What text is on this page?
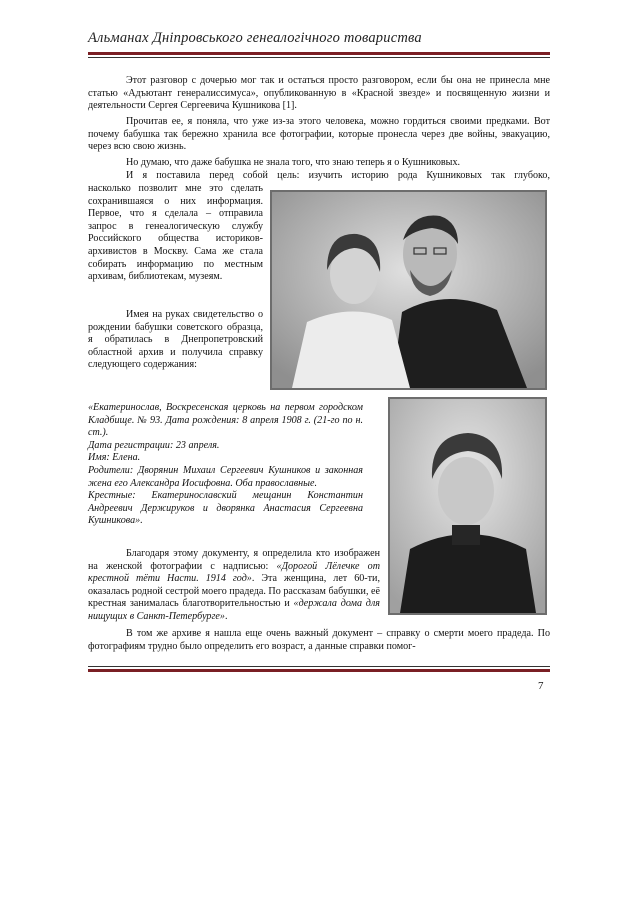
Альманах Дніпровського генеалогічного товариства

Этот разговор с дочерью мог так и остаться просто разговором, если бы она не принесла мне статью «Адъютант генералиссимуса», опубликованную в «Красной звезде» и посвященную жизни и деятельности Сергея Сергеевича Кушникова [1].

Прочитав ее, я поняла, что уже из-за этого человека, можно гордиться своими предками. Вот почему бабушка так бережно хранила все фотографии, которые пронесла через две войны, эвакуацию, через всю свою жизнь.

Но думаю, что даже бабушка не знала того, что знаю теперь я о Кушниковых.

И я поставила перед собой цель: изучить историю рода Кушниковых так глубоко,

насколько позволит мне это сделать сохранившаяся о них информация. Первое, что я сделала – отправила запрос в генеалогическую службу Российского общества историков-архивистов в Москву. Сама же стала собирать информацию по местным архивам, библиотекам, музеям.

Имея на руках свидетельство о рождении бабушки советского образца, я обратилась в Днепропетровский областной архив и получила справку следующего содержания:

«Екатеринослав, Воскресенская церковь на первом городском Кладбище. № 93. Дата рождения: 8 апреля 1908 г. (21-го по н. ст.).

Дата регистрации: 23 апреля.

Имя: Елена.

Родители: Дворянин Михаил Сергеевич Кушников и законная жена его Александра Иосифовна. Оба православные.

Крестные: Екатеринославский мещанин Константин Андреевич Держируков и дворянка Анастасия Сергеевна Кушникова».

Благодаря этому документу, я определила кто изображен на женской фотографии с надписью: «Дорогой Лёлечке от крестной тёти Насти. 1914 год». Эта женщина, лет 60-ти, оказалась родной сестрой моего прадеда. По рассказам бабушки, её крестная занималась благотворительностью и «держала дома для нищущих в Санкт-Петербурге».

В том же архиве я нашла еще очень важный документ – справку о смерти моего прадеда. По фотографиям трудно было определить его возраст, а данные справки помог-

7
